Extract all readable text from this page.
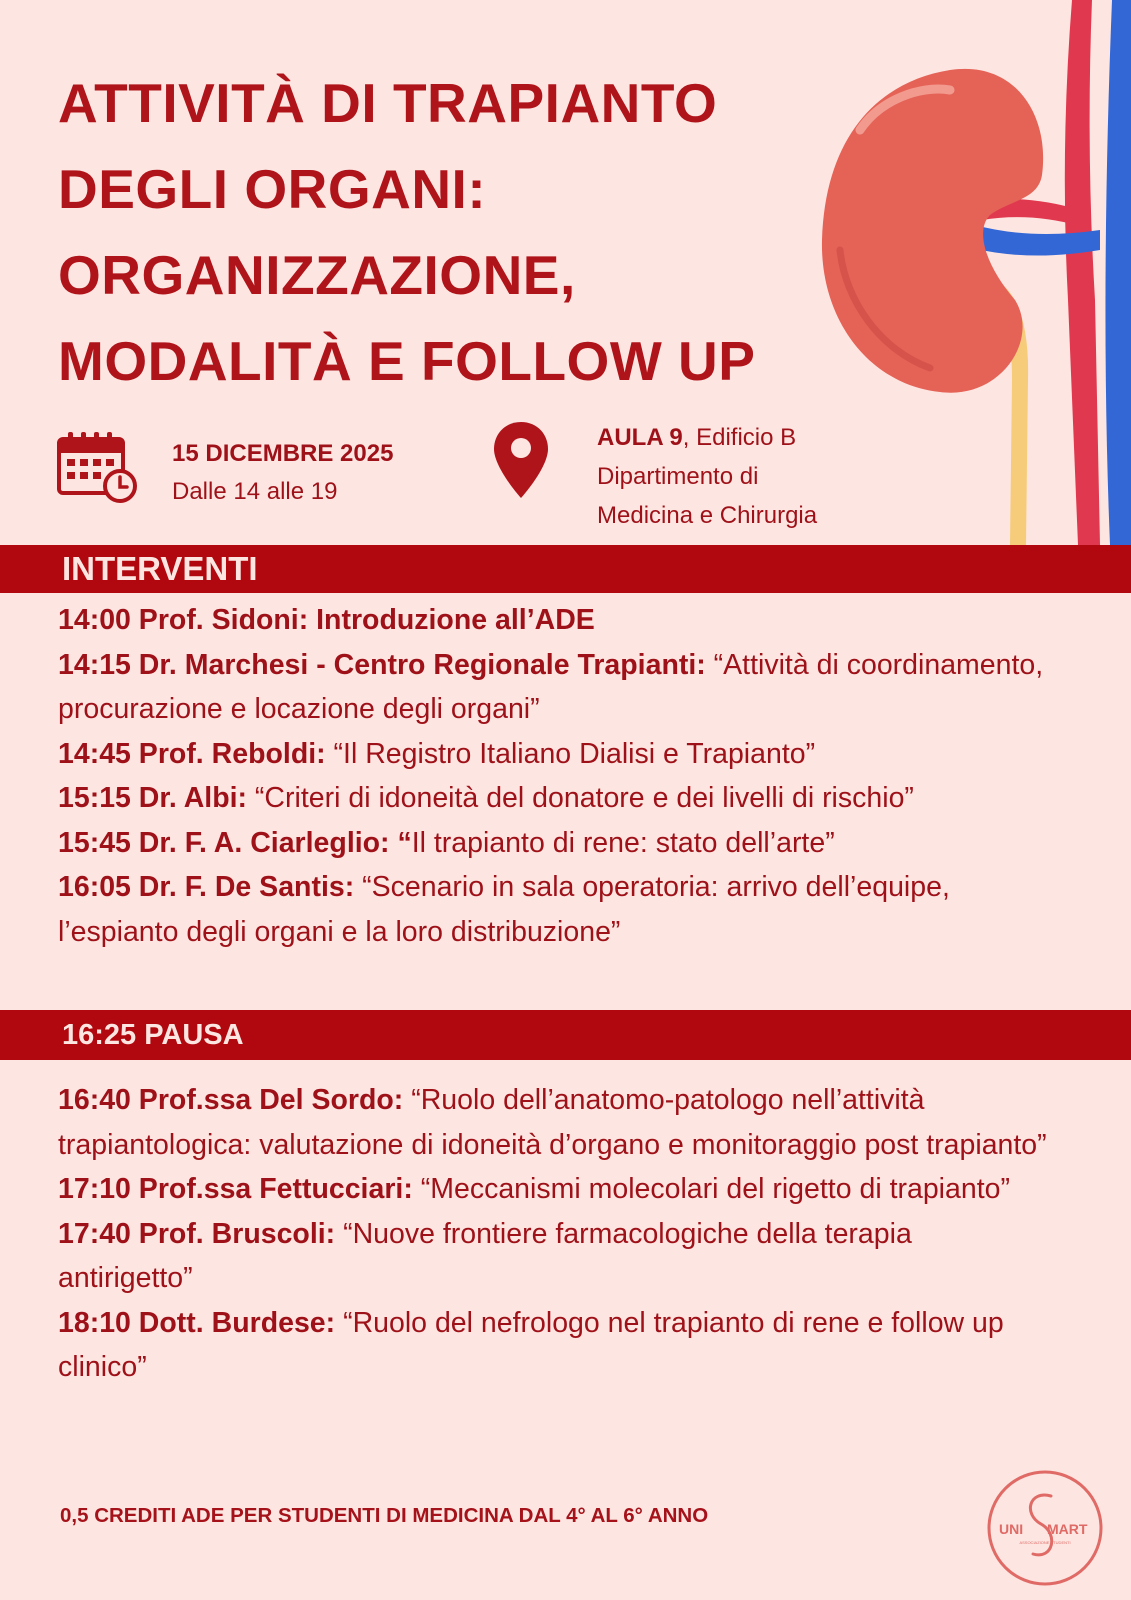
ATTIVITÀ DI TRAPIANTO
DEGLI ORGANI:
ORGANIZZAZIONE,
MODALITÀ E FOLLOW UP
15 DICEMBRE 2025
Dalle 14 alle 19
AULA 9, Edificio B
Dipartimento di
Medicina e Chirurgia
INTERVENTI
14:00 Prof. Sidoni: Introduzione all’ADE
14:15 Dr. Marchesi - Centro Regionale Trapianti: “Attività di coordinamento, procurazione e locazione degli organi”
14:45 Prof. Reboldi: “Il Registro Italiano Dialisi e Trapianto”
15:15 Dr. Albi: “Criteri di idoneità del donatore e dei livelli di rischio”
15:45 Dr. F. A. Ciarleglio: “Il trapianto di rene: stato dell’arte”
16:05 Dr. F. De Santis: “Scenario in sala operatoria: arrivo dell’equipe, l’espianto degli organi e la loro distribuzione”
16:25 PAUSA
16:40 Prof.ssa Del Sordo: “Ruolo dell’anatomo-patologo nell’attività trapiantologica: valutazione di idoneità d’organo e monitoraggio post trapianto”
17:10 Prof.ssa Fettucciari: “Meccanismi molecolari del rigetto di trapianto”
17:40 Prof. Bruscoli: “Nuove frontiere farmacologiche della terapia antirigetto”
18:10 Dott. Burdese: “Ruolo del nefrologo nel trapianto di rene e follow up clinico”
0,5 CREDITI ADE PER STUDENTI DI MEDICINA DAL 4° AL 6° ANNO
UNI MART
ASSOCIAZIONE STUDENTI
